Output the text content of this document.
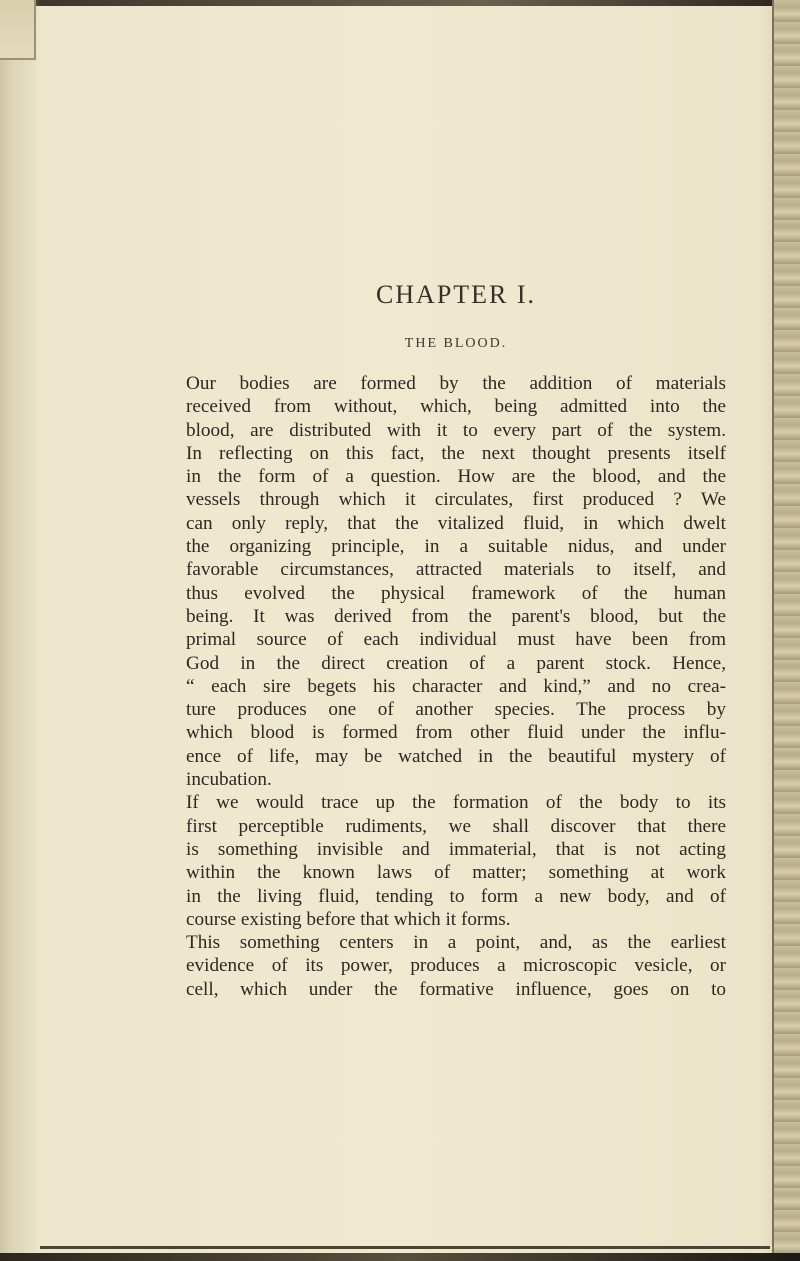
CHAPTER I.
THE BLOOD.
Our bodies are formed by the addition of materials
received from without, which, being admitted into the
blood, are distributed with it to every part of the system.
In reflecting on this fact, the next thought presents itself
in the form of a question. How are the blood, and the
vessels through which it circulates, first produced ? We
can only reply, that the vitalized fluid, in which dwelt
the organizing principle, in a suitable nidus, and under
favorable circumstances, attracted materials to itself, and
thus evolved the physical framework of the human
being. It was derived from the parent's blood, but the
primal source of each individual must have been from
God in the direct creation of a parent stock. Hence,
“ each sire begets his character and kind,” and no crea-
ture produces one of another species. The process by
which blood is formed from other fluid under the influ-
ence of life, may be watched in the beautiful mystery of
incubation.
If we would trace up the formation of the body to its
first perceptible rudiments, we shall discover that there
is something invisible and immaterial, that is not acting
within the known laws of matter; something at work
in the living fluid, tending to form a new body, and of
course existing before that which it forms.
This something centers in a point, and, as the earliest
evidence of its power, produces a microscopic vesicle, or
cell, which under the formative influence, goes on to
